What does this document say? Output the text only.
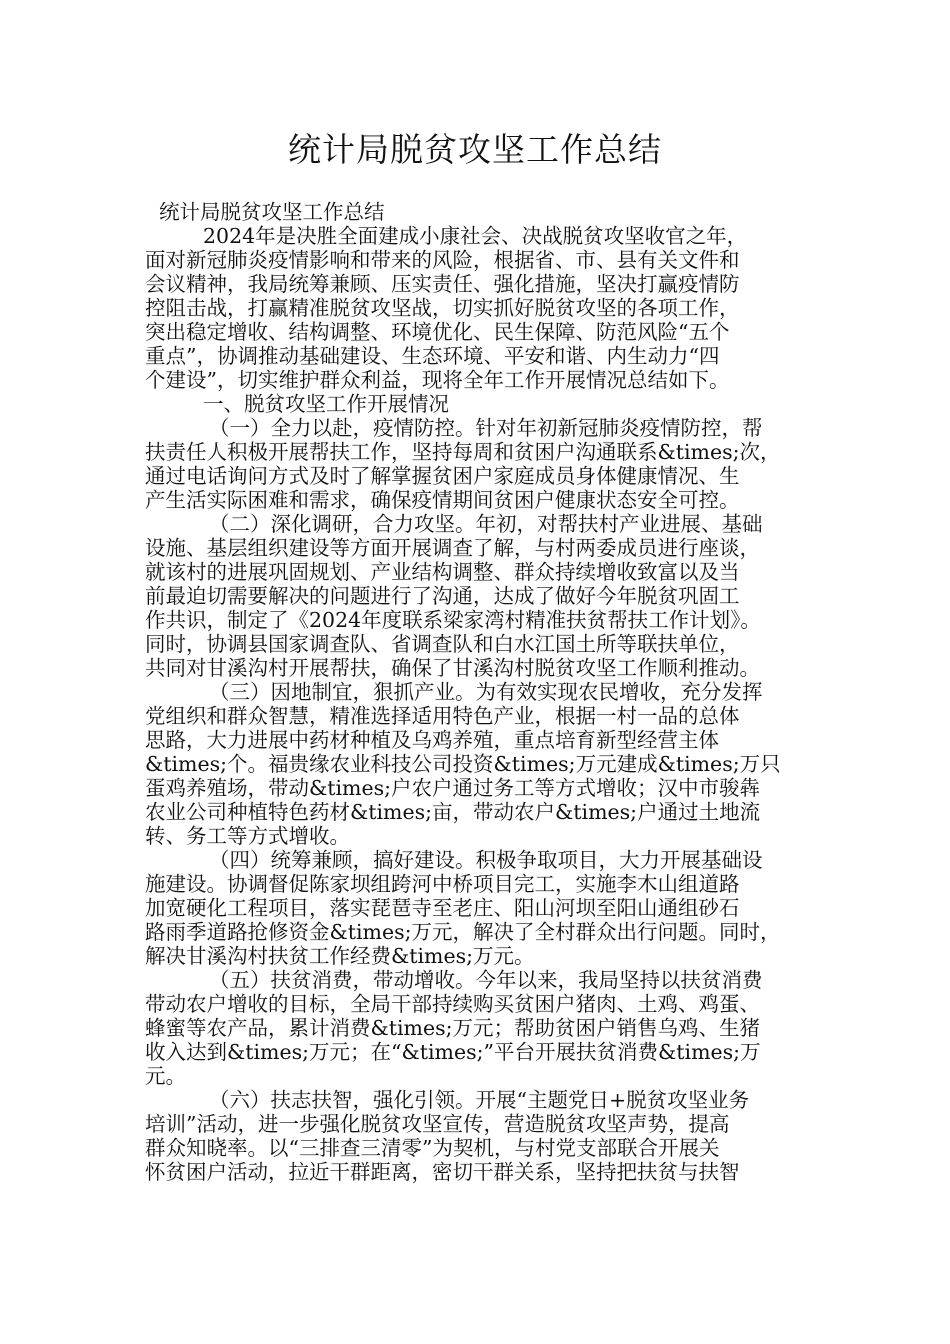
统计局脱贫攻坚工作总结

统计局脱贫攻坚工作总结

2024年是决胜全面建成小康社会、决战脱贫攻坚收官之年，

面对新冠肺炎疫情影响和带来的风险，根据省、市、县有关文件和

会议精神，我局统筹兼顾、压实责任、强化措施，坚决打赢疫情防

控阻击战，打赢精准脱贫攻坚战，切实抓好脱贫攻坚的各项工作，

突出稳定增收、结构调整、环境优化、民生保障、防范风险“五个

重点”，协调推动基础建设、生态环境、平安和谐、内生动力“四

个建设”，切实维护群众利益，现将全年工作开展情况总结如下。

一、脱贫攻坚工作开展情况

（一）全力以赴，疫情防控。针对年初新冠肺炎疫情防控，帮

扶责任人积极开展帮扶工作，坚持每周和贫困户沟通联系&times;次，

通过电话询问方式及时了解掌握贫困户家庭成员身体健康情况、生

产生活实际困难和需求，确保疫情期间贫困户健康状态安全可控。

（二）深化调研，合力攻坚。年初，对帮扶村产业进展、基础

设施、基层组织建设等方面开展调查了解，与村两委成员进行座谈，

就该村的进展巩固规划、产业结构调整、群众持续增收致富以及当

前最迫切需要解决的问题进行了沟通，达成了做好今年脱贫巩固工

作共识，制定了《2024年度联系梁家湾村精准扶贫帮扶工作计划》。

同时，协调县国家调查队、省调查队和白水江国土所等联扶单位，

共同对甘溪沟村开展帮扶，确保了甘溪沟村脱贫攻坚工作顺利推动。

（三）因地制宜，狠抓产业。为有效实现农民增收，充分发挥

党组织和群众智慧，精准选择适用特色产业，根据一村一品的总体

思路，大力进展中药材种植及乌鸡养殖，重点培育新型经营主体

&times;个。福贵缘农业科技公司投资&times;万元建成&times;万只

蛋鸡养殖场，带动&times;户农户通过务工等方式增收；汉中市骏犇

农业公司种植特色药材&times;亩，带动农户&times;户通过土地流

转、务工等方式增收。

（四）统筹兼顾，搞好建设。积极争取项目，大力开展基础设

施建设。协调督促陈家坝组跨河中桥项目完工，实施李木山组道路

加宽硬化工程项目，落实琵琶寺至老庄、阳山河坝至阳山通组砂石

路雨季道路抢修资金&times;万元，解决了全村群众出行问题。同时，

解决甘溪沟村扶贫工作经费&times;万元。

（五）扶贫消费，带动增收。今年以来，我局坚持以扶贫消费

带动农户增收的目标，全局干部持续购买贫困户猪肉、土鸡、鸡蛋、

蜂蜜等农产品，累计消费&times;万元；帮助贫困户销售乌鸡、生猪

收入达到&times;万元；在“&times;”平台开展扶贫消费&times;万

元。

（六）扶志扶智，强化引领。开展“主题党日+脱贫攻坚业务

培训”活动，进一步强化脱贫攻坚宣传，营造脱贫攻坚声势，提高

群众知晓率。以“三排查三清零”为契机，与村党支部联合开展关

怀贫困户活动，拉近干群距离，密切干群关系，坚持把扶贫与扶智
